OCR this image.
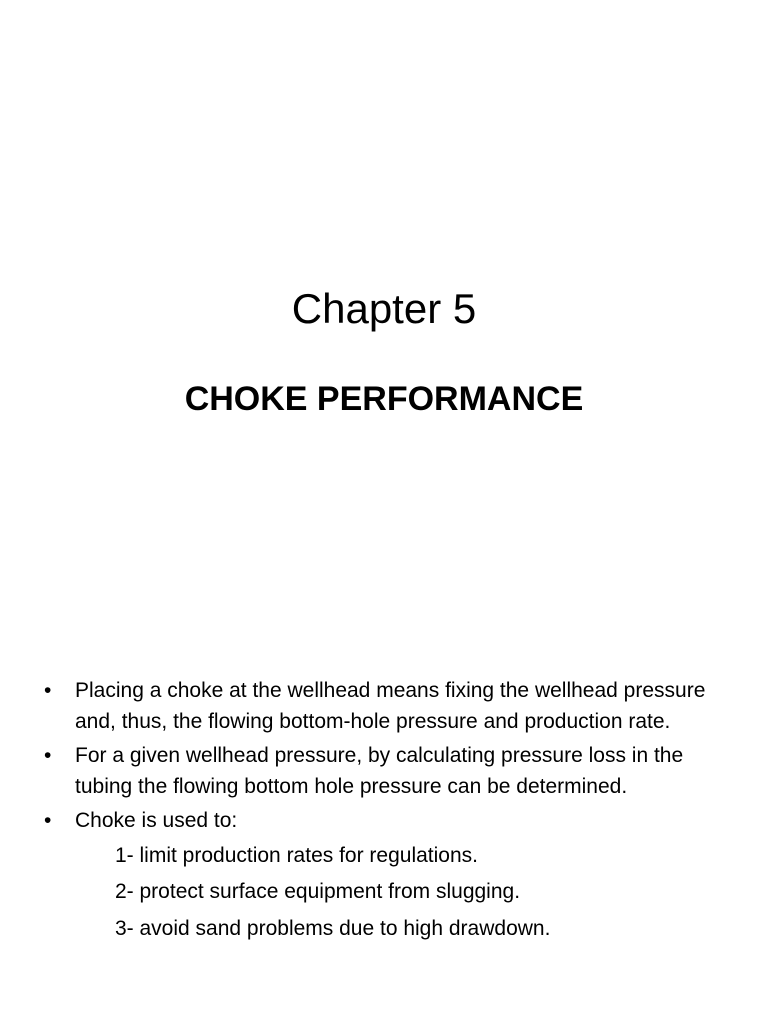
Chapter 5
CHOKE PERFORMANCE
•	Placing a choke at the wellhead means fixing the wellhead pressure and, thus, the flowing bottom-hole pressure and production rate.
•	For a given wellhead pressure, by calculating pressure loss in the tubing the flowing bottom hole pressure can be determined.
•	Choke is used to:
1- limit production rates for regulations.
2- protect surface equipment from slugging.
3- avoid sand problems due to high drawdown.
